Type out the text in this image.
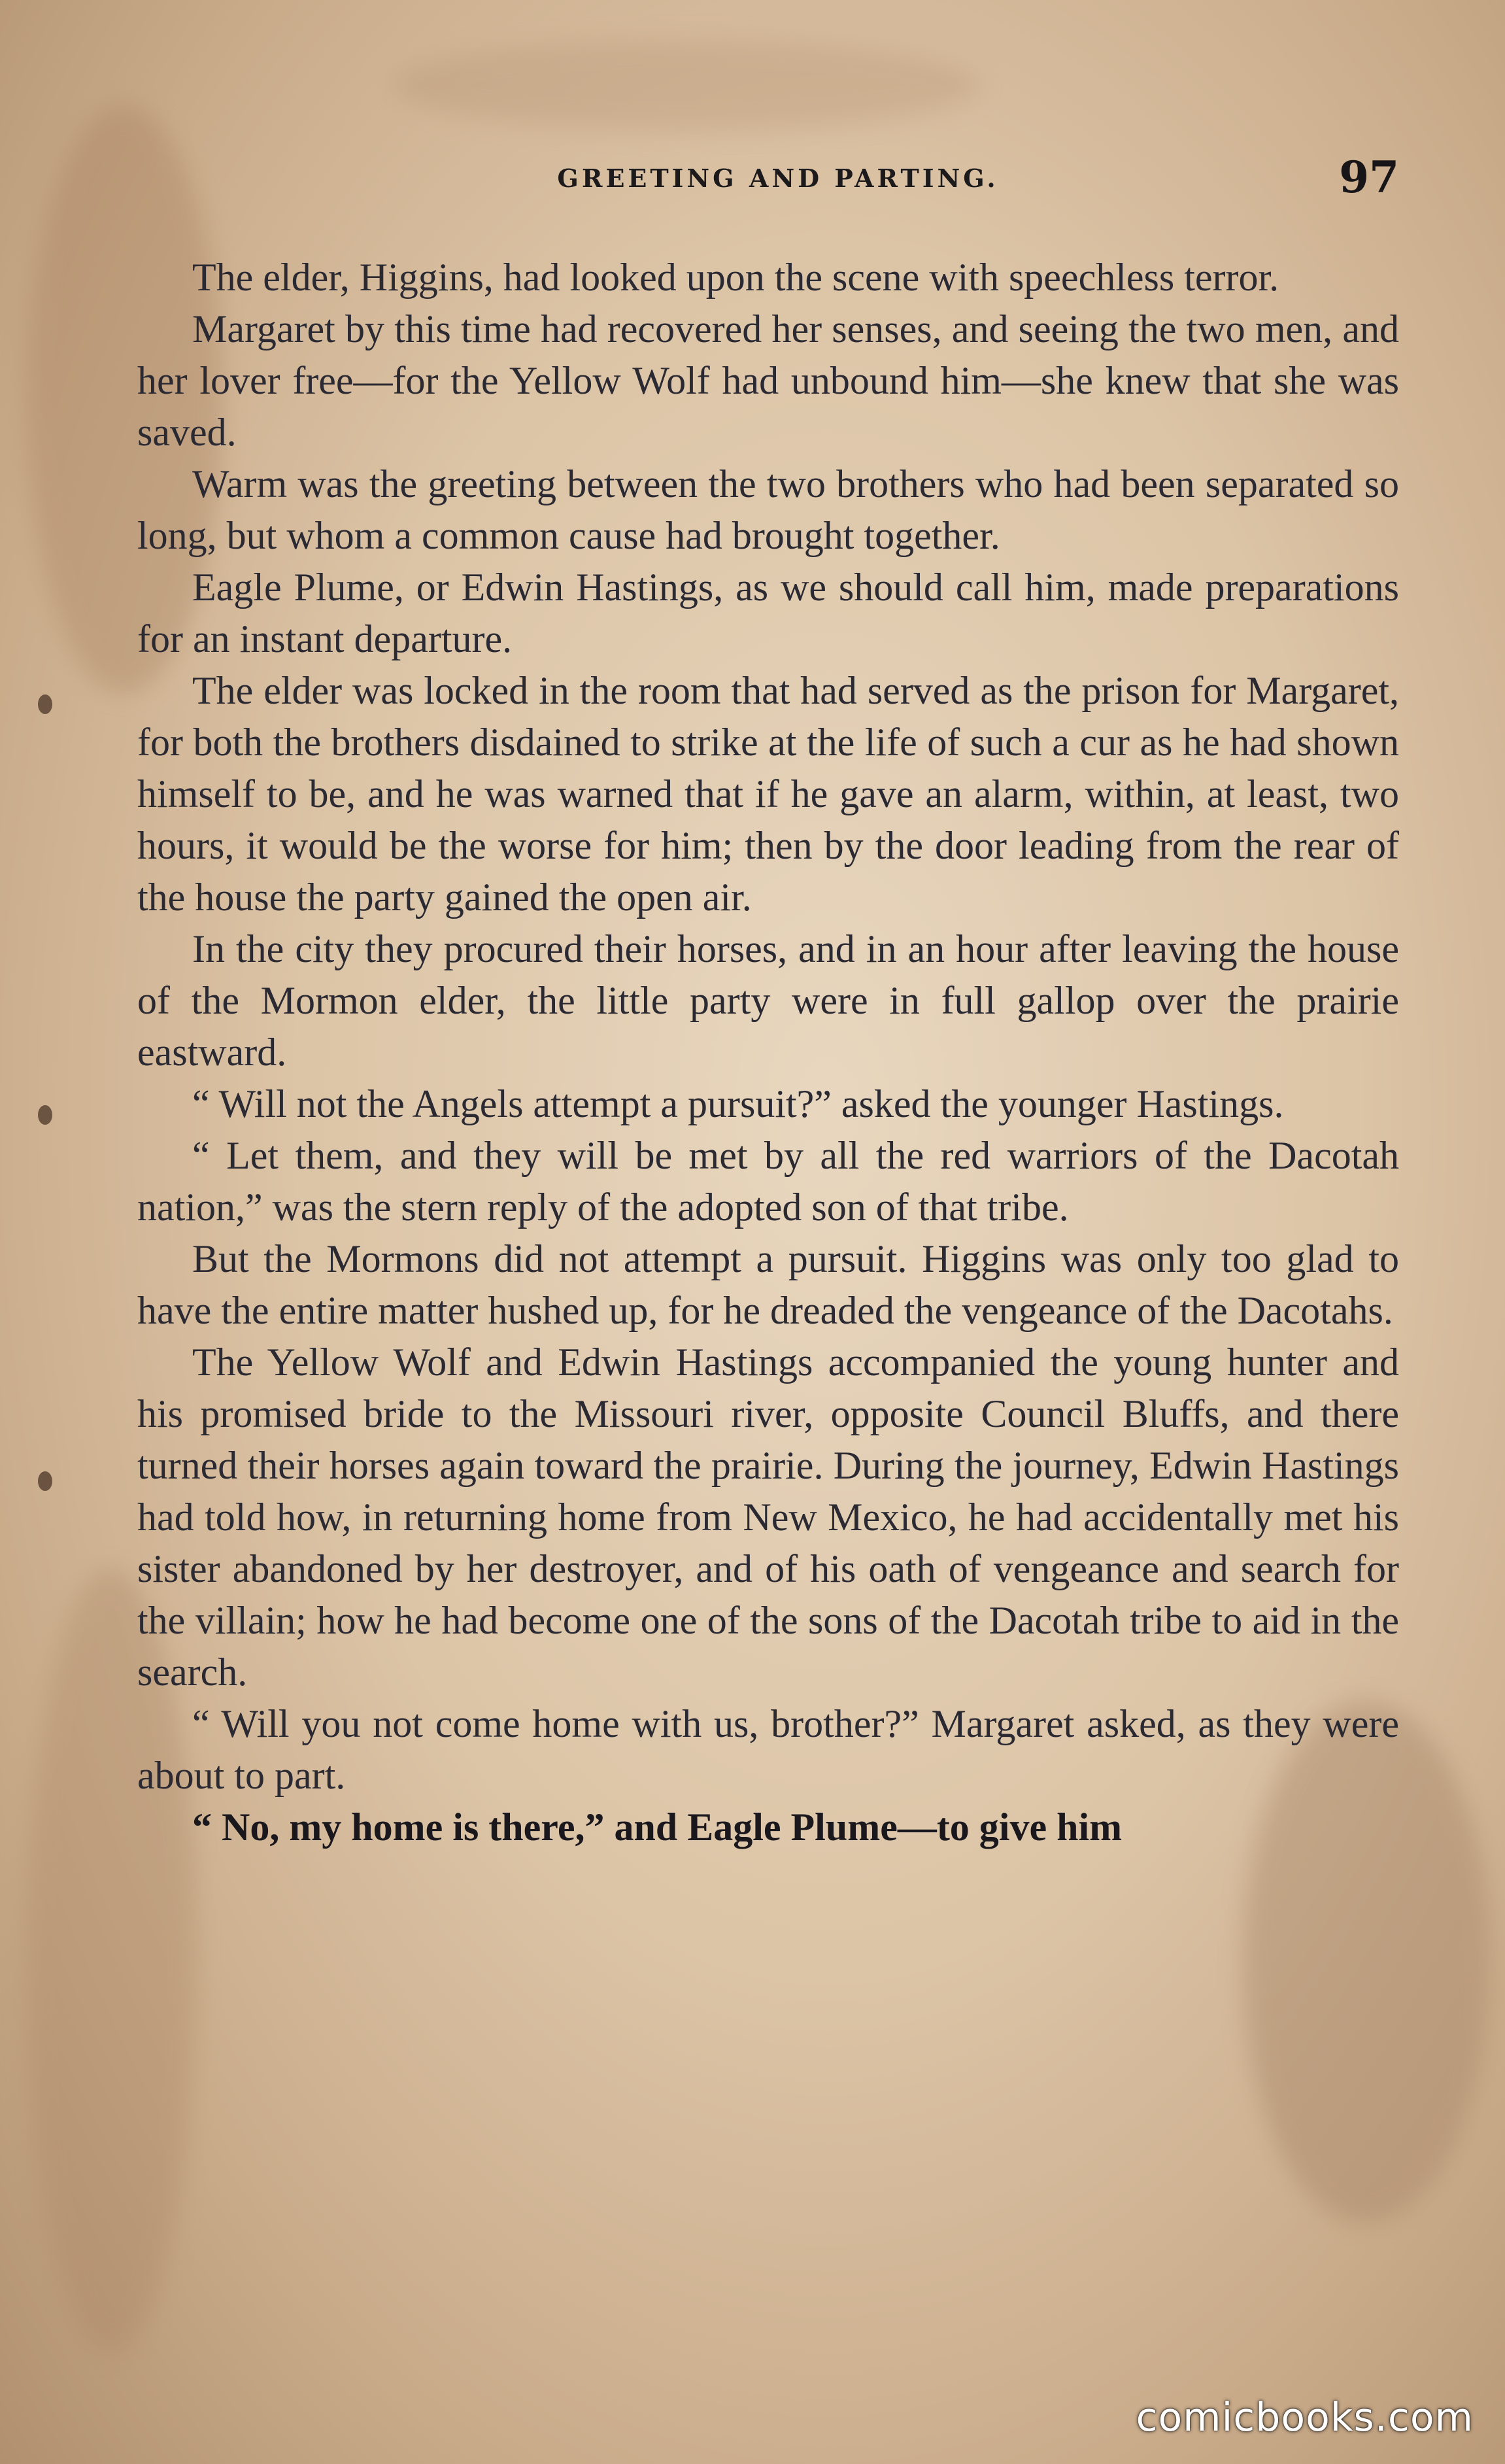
GREETING AND PARTING.	97

The elder, Higgins, had looked upon the scene with speechless terror.

Margaret by this time had recovered her senses, and seeing the two men, and her lover free—for the Yellow Wolf had unbound him—she knew that she was saved.

Warm was the greeting between the two brothers who had been separated so long, but whom a common cause had brought together.

Eagle Plume, or Edwin Hastings, as we should call him, made preparations for an instant departure.

The elder was locked in the room that had served as the prison for Margaret, for both the brothers disdained to strike at the life of such a cur as he had shown himself to be, and he was warned that if he gave an alarm, within, at least, two hours, it would be the worse for him; then by the door leading from the rear of the house the party gained the open air.

In the city they procured their horses, and in an hour after leaving the house of the Mormon elder, the little party were in full gallop over the prairie eastward.

“ Will not the Angels attempt a pursuit?” asked the younger Hastings.

“ Let them, and they will be met by all the red warriors of the Dacotah nation,” was the stern reply of the adopted son of that tribe.

But the Mormons did not attempt a pursuit. Higgins was only too glad to have the entire matter hushed up, for he dreaded the vengeance of the Dacotahs.

The Yellow Wolf and Edwin Hastings accompanied the young hunter and his promised bride to the Missouri river, opposite Council Bluffs, and there turned their horses again toward the prairie. During the journey, Edwin Hastings had told how, in returning home from New Mexico, he had accidentally met his sister abandoned by her destroyer, and of his oath of vengeance and search for the villain; how he had become one of the sons of the Dacotah tribe to aid in the search.

“ Will you not come home with us, brother?” Margaret asked, as they were about to part.

“ No, my home is there,” and Eagle Plume—to give him

comicbooks.com
